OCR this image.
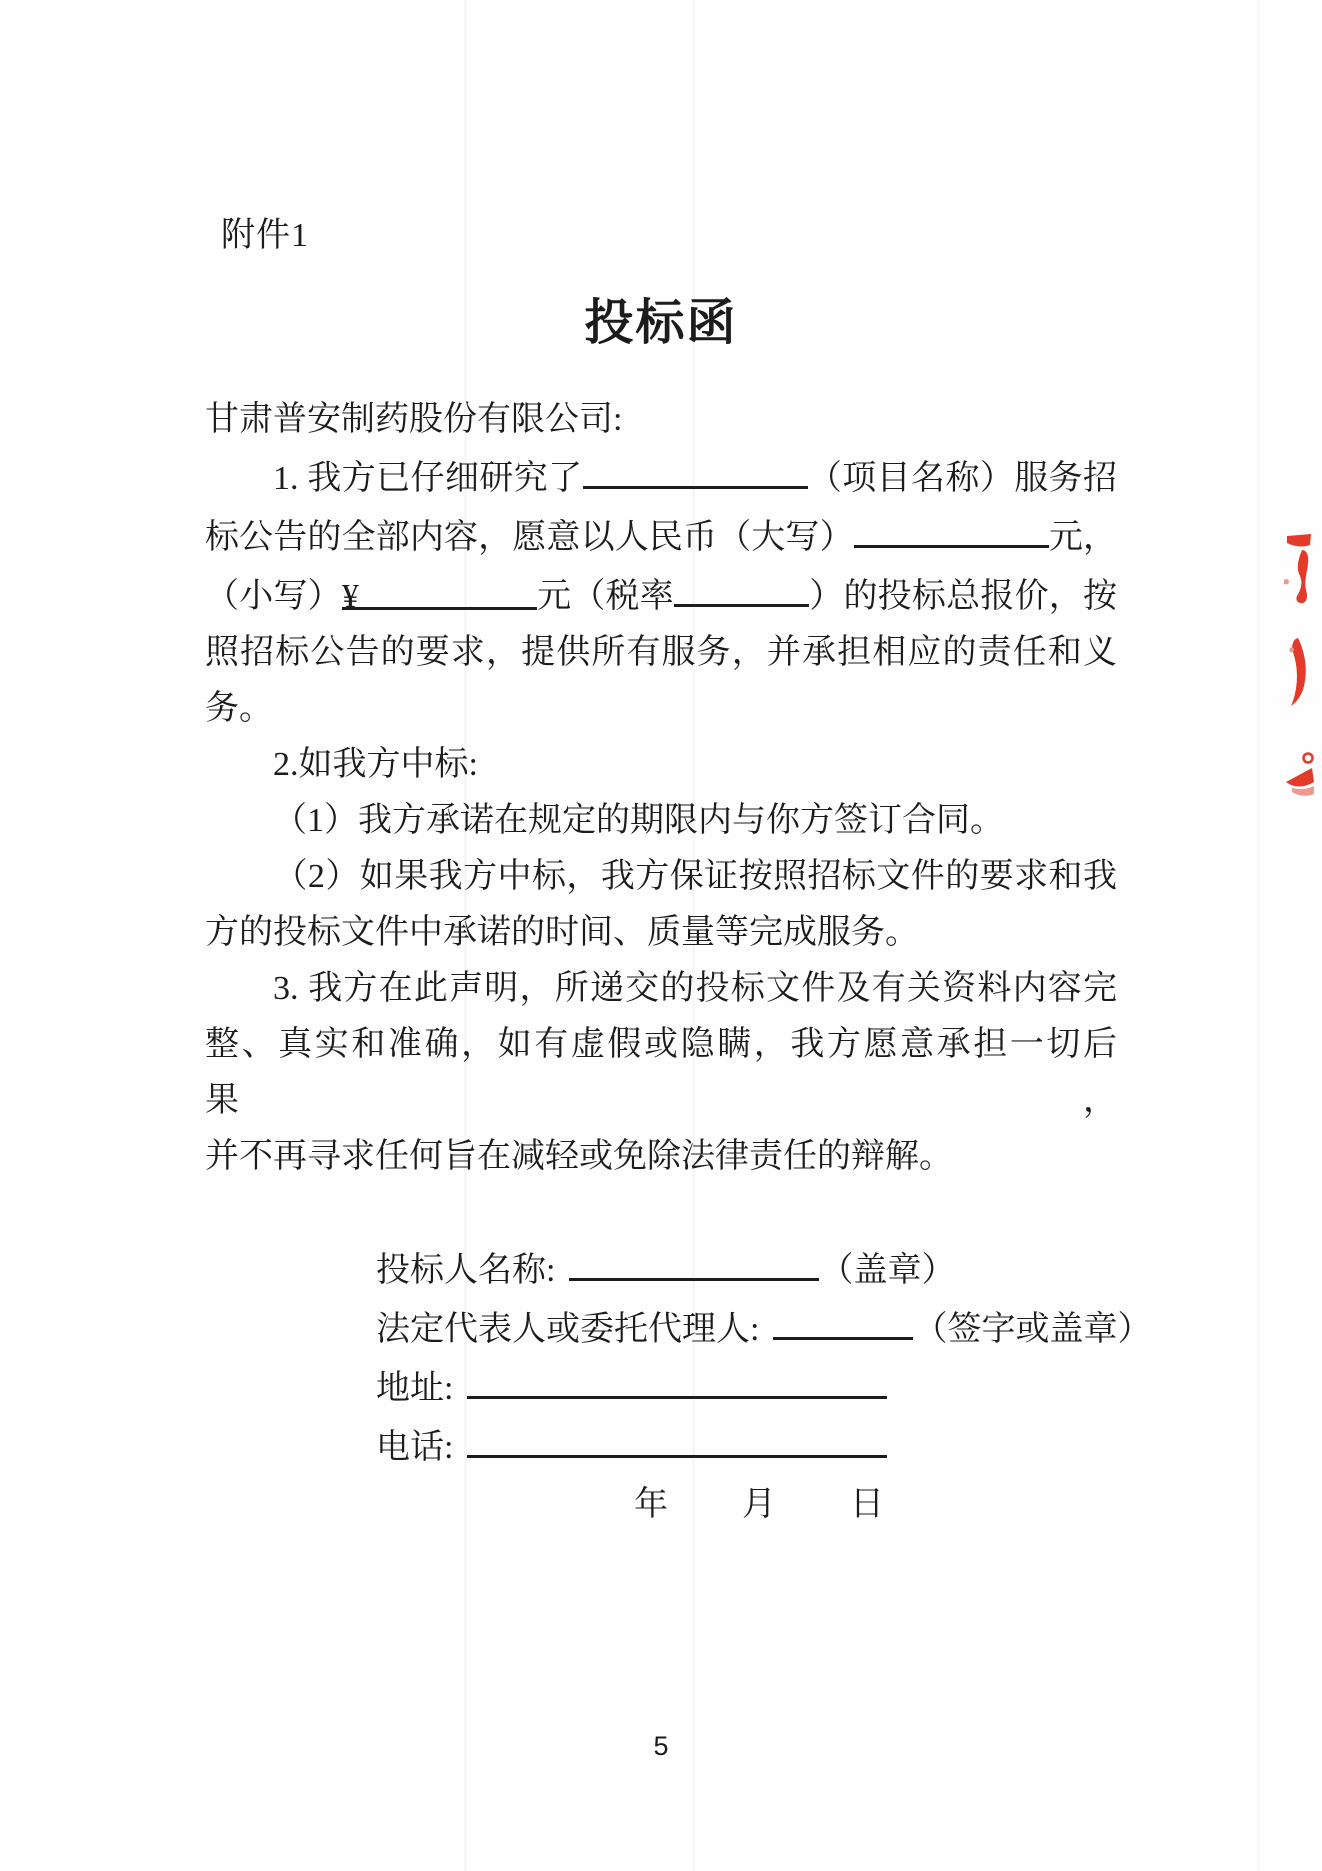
附件1
投标函
甘肃普安制药股份有限公司:
1. 我方已仔细研究了	（项目名称）服务招
标公告的全部内容，愿意以人民币（大写）	元，
（小写）¥	元（税率	）的投标总报价，按
照招标公告的要求，提供所有服务，并承担相应的责任和义
务。
2.如我方中标:
（1）我方承诺在规定的期限内与你方签订合同。
（2）如果我方中标，我方保证按照招标文件的要求和我
方的投标文件中承诺的时间、质量等完成服务。
3. 我方在此声明，所递交的投标文件及有关资料内容完
整、真实和准确，如有虚假或隐瞒，我方愿意承担一切后果，
并不再寻求任何旨在减轻或免除法律责任的辩解。
投标人名称:	（盖章）
法定代表人或委托代理人:	（签字或盖章）
地址:
电话:
年　　月　　日
5
